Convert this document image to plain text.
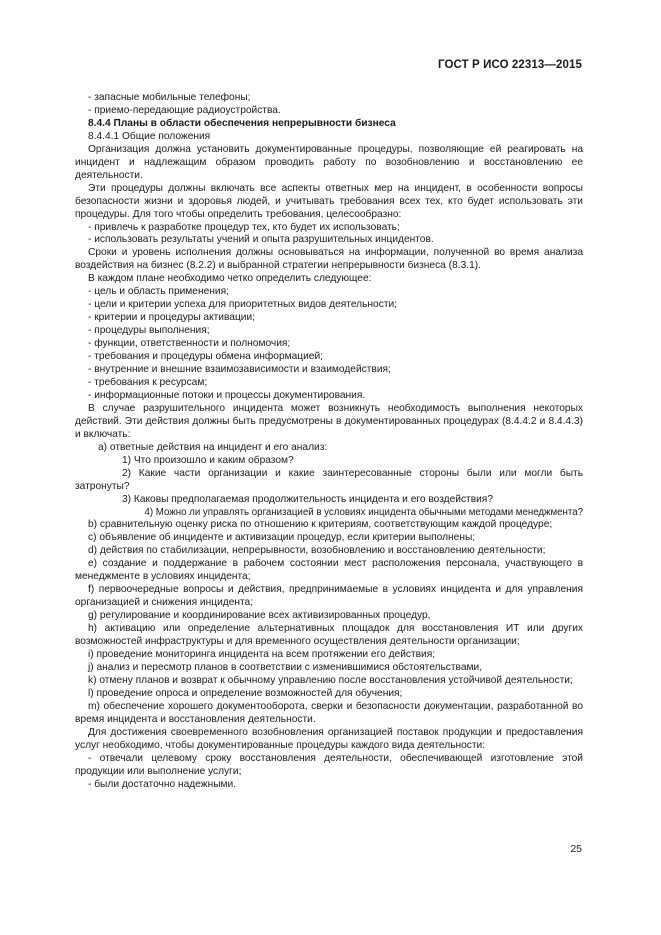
ГОСТ Р ИСО 22313—2015

- запасные мобильные телефоны;

- приемо-передающие радиоустройства.

8.4.4 Планы в области обеспечения непрерывности бизнеса

8.4.4.1 Общие положения

Организация должна установить документированные процедуры, позволяющие ей реагировать на инцидент и надлежащим образом проводить работу по возобновлению и восстановлению ее деятельности.

Эти процедуры должны включать все аспекты ответных мер на инцидент, в особенности вопросы безопасности жизни и здоровья людей, и учитывать требования всех тех, кто будет использовать эти процедуры. Для того чтобы определить требования, целесообразно:

- привлечь к разработке процедур тех, кто будет их использовать;

- использовать результаты учений и опыта разрушительных инцидентов.

Сроки и уровень исполнения должны основываться на информации, полученной во время анализа воздействия на бизнес (8.2.2) и выбранной стратегии непрерывности бизнеса (8.3.1).

В каждом плане необходимо четко определить следующее:

- цель и область применения;

- цели и критерии успеха для приоритетных видов деятельности;

- критерии и процедуры активации;

- процедуры выполнения;

- функции, ответственности и полномочия;

- требования и процедуры обмена информацией;

- внутренние и внешние взаимозависимости и взаимодействия;

- требования к ресурсам;

- информационные потоки и процессы документирования.

В случае разрушительного инцидента может возникнуть необходимость выполнения некоторых действий. Эти действия должны быть предусмотрены в документированных процедурах (8.4.4.2 и 8.4.4.3) и включать:

а) ответные действия на инцидент и его анализ:

1) Что произошло и каким образом?

2) Какие части организации и какие заинтересованные стороны были или могли быть затронуты?

3) Каковы предполагаемая продолжительность инцидента и его воздействия?

4) Можно ли управлять организацией в условиях инцидента обычными методами менеджмента?

b) сравнительную оценку риска по отношению к критериям, соответствующим каждой процедуре;

c) объявление об инциденте и активизации процедур, если критерии выполнены;

d) действия по стабилизации, непрерывности, возобновлению и восстановлению деятельности;

e) создание и поддержание в рабочем состоянии мест расположения персонала, участвующего в менеджменте в условиях инцидента;

f) первоочередные вопросы и действия, предпринимаемые в условиях инцидента и для управления организацией и снижения инцидента;

g) регулирование и координирование всех активизированных процедур,

h) активацию или определение альтернативных площадок для восстановления ИТ или других возможностей инфраструктуры и для временного осуществления деятельности организации;

i) проведение мониторинга инцидента на всем протяжении его действия;

j) анализ и пересмотр планов в соответствии с изменившимися обстоятельствами,

k) отмену планов и возврат к обычному управлению после восстановления устойчивой деятельности;

l) проведение опроса и определение возможностей для обучения;

m) обеспечение хорошего документооборота, сверки и безопасности документации, разработанной во время инцидента и восстановления деятельности.

Для достижения своевременного возобновления организацией поставок продукции и предоставления услуг необходимо, чтобы документированные процедуры каждого вида деятельности:

- отвечали целевому сроку восстановления деятельности, обеспечивающей изготовление этой продукции или выполнение услуги;

- были достаточно надежными.

25
